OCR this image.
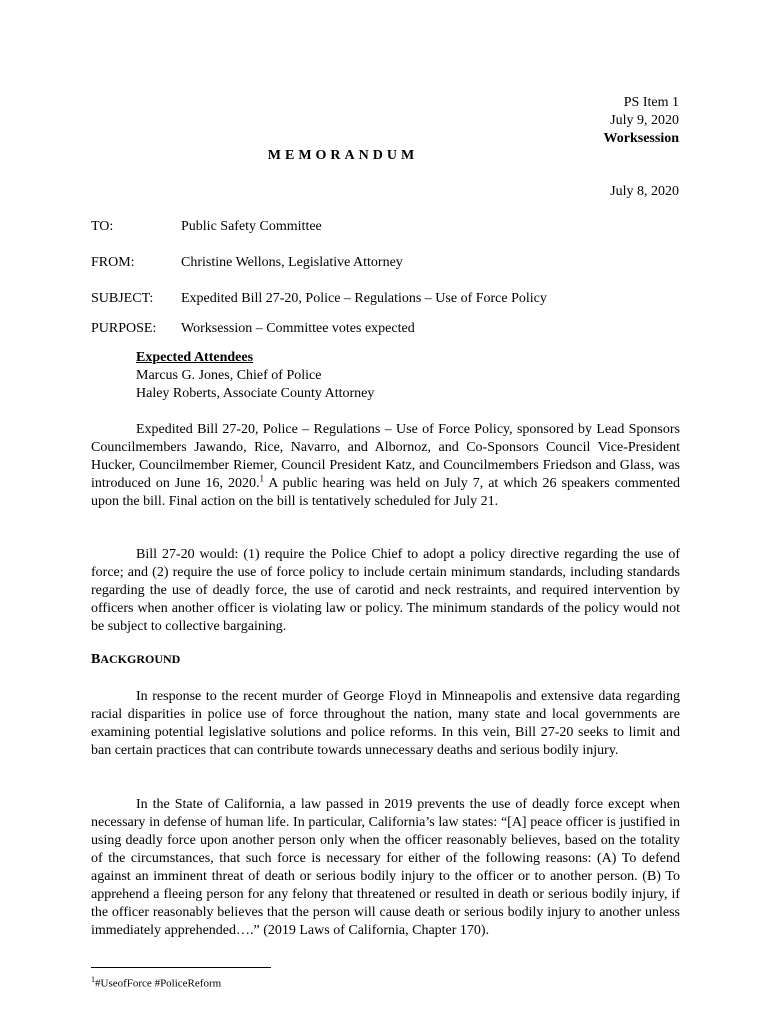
PS Item 1
July 9, 2020
Worksession
MEMORANDUM
July 8, 2020
TO:	Public Safety Committee
FROM:	Christine Wellons, Legislative Attorney
SUBJECT: Expedited Bill 27-20, Police – Regulations – Use of Force Policy
PURPOSE: Worksession – Committee votes expected
Expected Attendees
Marcus G. Jones, Chief of Police
Haley Roberts, Associate County Attorney
Expedited Bill 27-20, Police – Regulations – Use of Force Policy, sponsored by Lead Sponsors Councilmembers Jawando, Rice, Navarro, and Albornoz, and Co-Sponsors Council Vice-President Hucker, Councilmember Riemer, Council President Katz, and Councilmembers Friedson and Glass, was introduced on June 16, 2020.$^1$ A public hearing was held on July 7, at which 26 speakers commented upon the bill. Final action on the bill is tentatively scheduled for July 21.
Bill 27-20 would: (1) require the Police Chief to adopt a policy directive regarding the use of force; and (2) require the use of force policy to include certain minimum standards, including standards regarding the use of deadly force, the use of carotid and neck restraints, and required intervention by officers when another officer is violating law or policy. The minimum standards of the policy would not be subject to collective bargaining.
BACKGROUND
In response to the recent murder of George Floyd in Minneapolis and extensive data regarding racial disparities in police use of force throughout the nation, many state and local governments are examining potential legislative solutions and police reforms. In this vein, Bill 27-20 seeks to limit and ban certain practices that can contribute towards unnecessary deaths and serious bodily injury.
In the State of California, a law passed in 2019 prevents the use of deadly force except when necessary in defense of human life. In particular, California’s law states: “[A] peace officer is justified in using deadly force upon another person only when the officer reasonably believes, based on the totality of the circumstances, that such force is necessary for either of the following reasons: (A) To defend against an imminent threat of death or serious bodily injury to the officer or to another person. (B) To apprehend a fleeing person for any felony that threatened or resulted in death or serious bodily injury, if the officer reasonably believes that the person will cause death or serious bodily injury to another unless immediately apprehended….” (2019 Laws of California, Chapter 170).
$^1$#UseofForce #PoliceReform
